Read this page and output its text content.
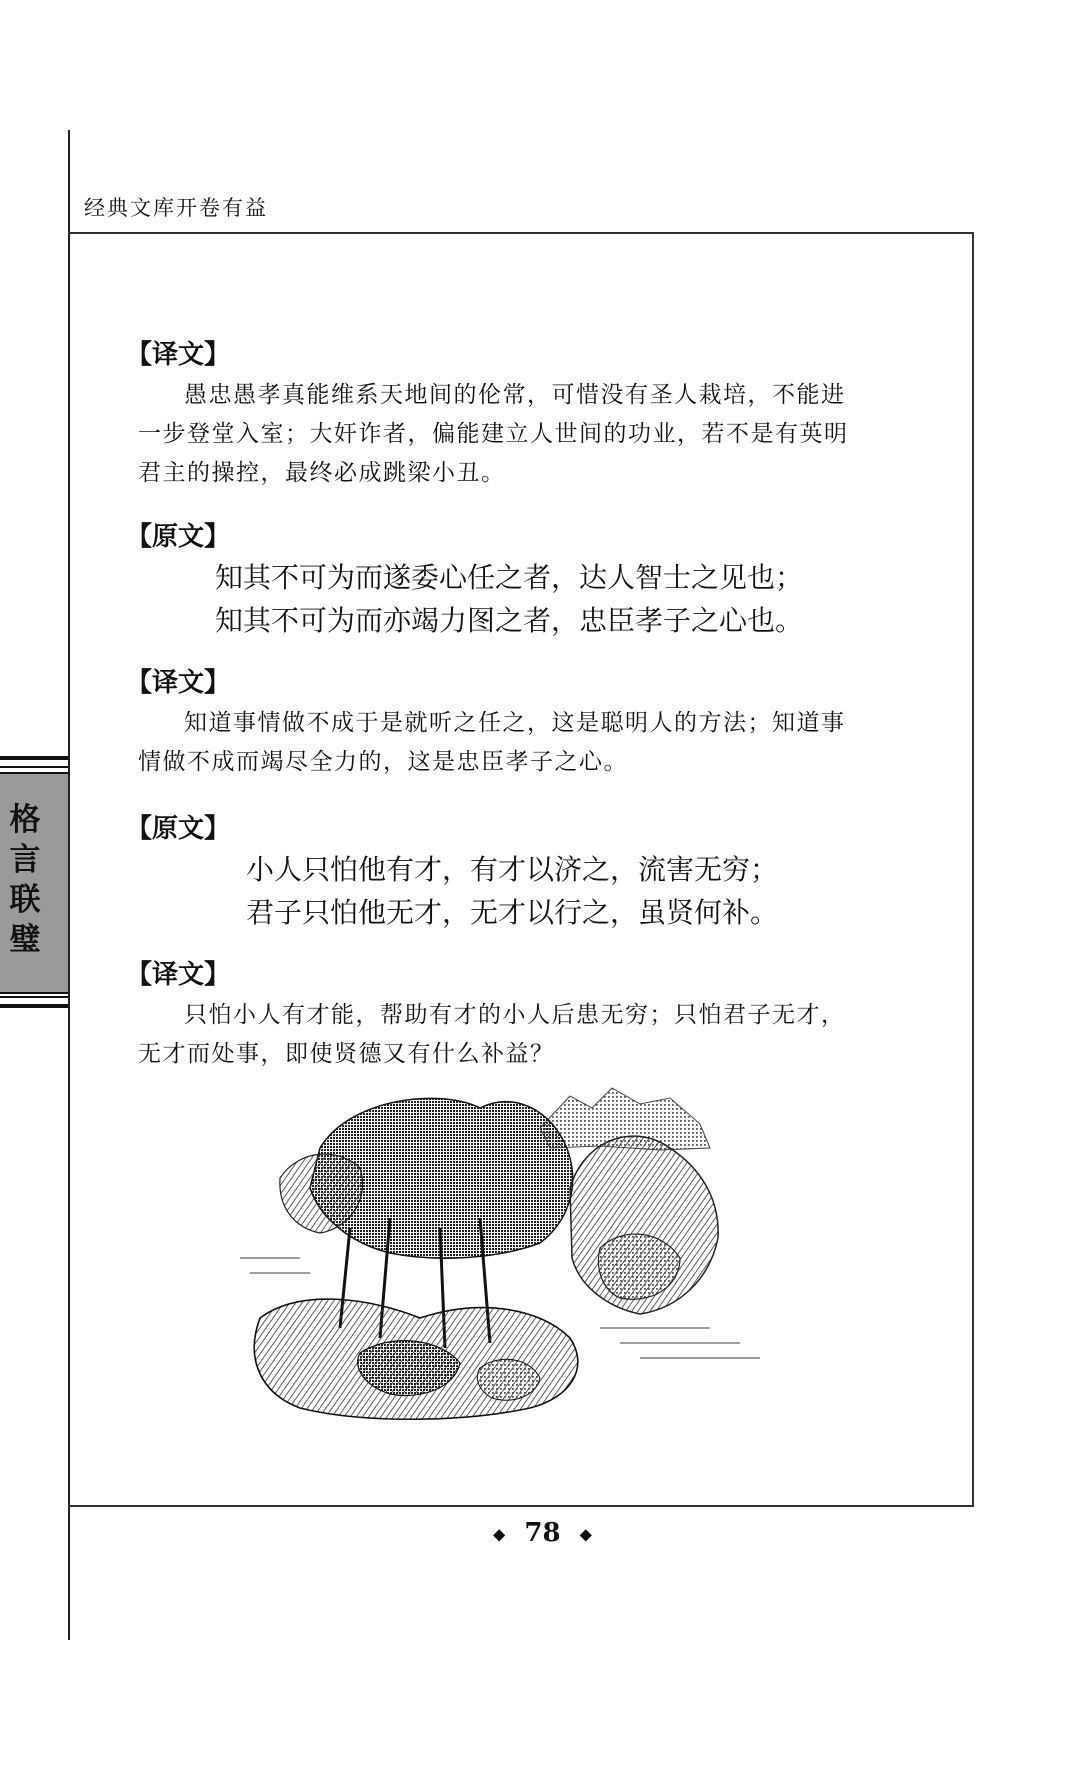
经典文库开卷有益
格
言
联
璧
【译文】

愚忠愚孝真能维系天地间的伦常，可惜没有圣人栽培，不能进

一步登堂入室；大奸诈者，偏能建立人世间的功业，若不是有英明

君主的操控，最终必成跳梁小丑。

【原文】
知其不可为而遂委心任之者，达人智士之见也；
知其不可为而亦竭力图之者，忠臣孝子之心也。
【译文】

知道事情做不成于是就听之任之，这是聪明人的方法；知道事

情做不成而竭尽全力的，这是忠臣孝子之心。

【原文】
小人只怕他有才，有才以济之，流害无穷；
君子只怕他无才，无才以行之，虽贤何补。
【译文】

只怕小人有才能，帮助有才的小人后患无穷；只怕君子无才，

无才而处事，即使贤德又有什么补益？

◆ 78 ◆
